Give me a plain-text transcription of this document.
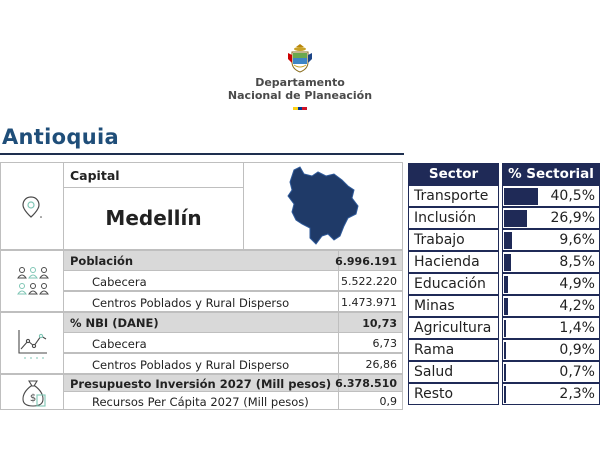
Departamento
Nacional de Planeación
Antioquia
Capital
Medellín
Población	6.996.191
Cabecera	5.522.220
Centros Poblados y Rural Disperso	1.473.971
% NBI (DANE)	10,73
Cabecera	6,73
Centros Poblados y Rural Disperso	26,86
$
Presupuesto Inversión 2027 (Mill pesos) 6.378.510
Recursos Per Cápita 2027 (Mill pesos)	0,9
Sector	% Sectorial
Transporte	40,5%
Inclusión	26,9%
Trabajo	9,6%
Hacienda	8,5%
Educación	4,9%
Minas	4,2%
Agricultura	1,4%
Rama	0,9%
Salud	0,7%
Resto	2,3%
